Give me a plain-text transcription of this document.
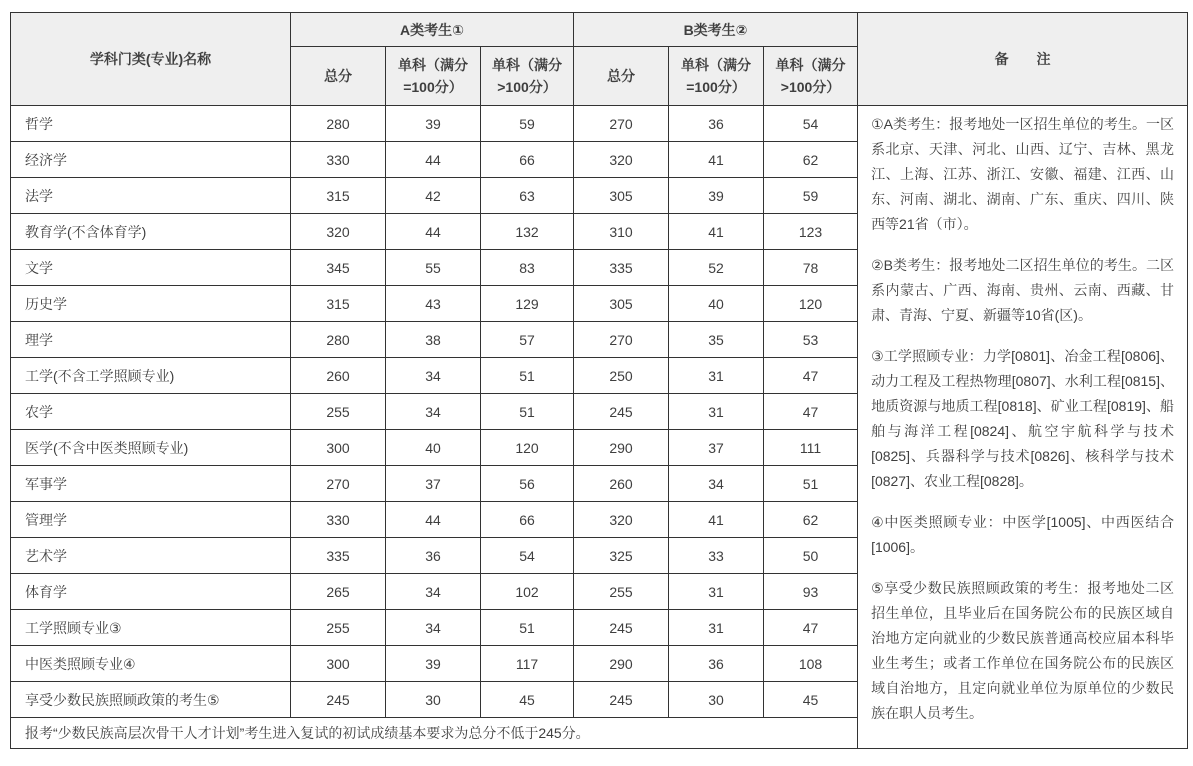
学科门类(专业)名称	A类考生①			B类考生②			备　　注
	总分	单科（满分=100分）	单科（满分>100分）	总分	单科（满分=100分）	单科（满分>100分）	
哲学	280	39	59	270	36	54	①A类考生：报考地处一区招生单位的考生。一区系北京、天津、河北、山西、辽宁、吉林、黑龙江、上海、江苏、浙江、安徽、福建、江西、山东、河南、湖北、湖南、广东、重庆、四川、陕西等21省（市）。

②B类考生：报考地处二区招生单位的考生。二区系内蒙古、广西、海南、贵州、云南、西藏、甘肃、青海、宁夏、新疆等10省(区)。

③工学照顾专业：力学[0801]、冶金工程[0806]、动力工程及工程热物理[0807]、水利工程[0815]、地质资源与地质工程[0818]、矿业工程[0819]、船舶与海洋工程[0824]、航空宇航科学与技术[0825]、兵器科学与技术[0826]、核科学与技术[0827]、农业工程[0828]。

④中医类照顾专业：中医学[1005]、中西医结合[1006]。

⑤享受少数民族照顾政策的考生：报考地处二区招生单位，且毕业后在国务院公布的民族区域自治地方定向就业的少数民族普通高校应届本科毕业生考生；或者工作单位在国务院公布的民族区域自治地方，且定向就业单位为原单位的少数民族在职人员考生。

经济学	330	44	66	320	41	62	
法学	315	42	63	305	39	59	
教育学(不含体育学)	320	44	132	310	41	123	
文学	345	55	83	335	52	78	
历史学	315	43	129	305	40	120	
理学	280	38	57	270	35	53	
工学(不含工学照顾专业)	260	34	51	250	31	47	
农学	255	34	51	245	31	47	
医学(不含中医类照顾专业)	300	40	120	290	37	111	
军事学	270	37	56	260	34	51	
管理学	330	44	66	320	41	62	
艺术学	335	36	54	325	33	50	
体育学	265	34	102	255	31	93	
工学照顾专业③	255	34	51	245	31	47	
中医类照顾专业④	300	39	117	290	36	108	
享受少数民族照顾政策的考生⑤	245	30	45	245	30	45	
报考“少数民族高层次骨干人才计划”考生进入复试的初试成绩基本要求为总分不低于245分。							
